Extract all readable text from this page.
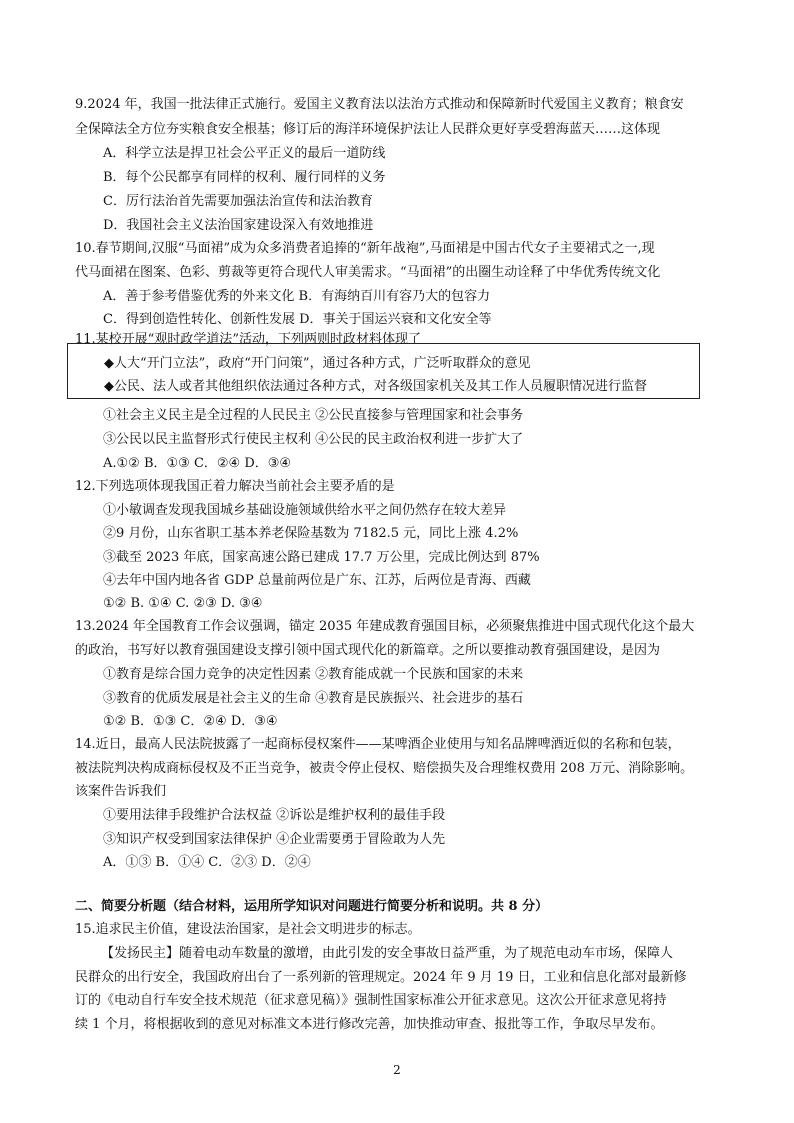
9.2024 年，我国一批法律正式施行。爱国主义教育法以法治方式推动和保障新时代爱国主义教育；粮食安
全保障法全方位夯实粮食安全根基；修订后的海洋环境保护法让人民群众更好享受碧海蓝天……这体现
A．科学立法是捍卫社会公平正义的最后一道防线
B．每个公民都享有同样的权利、履行同样的义务
C．厉行法治首先需要加强法治宣传和法治教育
D．我国社会主义法治国家建设深入有效地推进
10.春节期间,汉服“马面裙”成为众多消费者追捧的“新年战袍”,马面裙是中国古代女子主要裙式之一,现
代马面裙在图案、色彩、剪裁等更符合现代人审美需求。“马面裙”的出圈生动诠释了中华优秀传统文化
A．善于参考借鉴优秀的外来文化 B．有海纳百川有容乃大的包容力
C．得到创造性转化、创新性发展 D．事关于国运兴衰和文化安全等
11.某校开展“观时政学道法”活动，下列两则时政材料体现了
◆人大“开门立法”，政府“开门问策”，通过各种方式，广泛听取群众的意见
◆公民、法人或者其他组织依法通过各种方式，对各级国家机关及其工作人员履职情况进行监督
①社会主义民主是全过程的人民民主 ②公民直接参与管理国家和社会事务
③公民以民主监督形式行使民主权利 ④公民的民主政治权利进一步扩大了
A.①② B．①③ C．②④ D．③④
12.下列选项体现我国正着力解决当前社会主要矛盾的是
①小敏调查发现我国城乡基础设施领域供给水平之间仍然存在较大差异
②9 月份，山东省职工基本养老保险基数为 7182.5 元，同比上涨 4.2%
③截至 2023 年底，国家高速公路已建成 17.7 万公里，完成比例达到 87%
④去年中国内地各省 GDP 总量前两位是广东、江苏，后两位是青海、西藏
①② B. ①④ C. ②③ D. ③④
13.2024 年全国教育工作会议强调，锚定 2035 年建成教育强国目标，必须聚焦推进中国式现代化这个最大
的政治，书写好以教育强国建设支撑引领中国式现代化的新篇章。之所以要推动教育强国建设，是因为
①教育是综合国力竞争的决定性因素 ②教育能成就一个民族和国家的未来
③教育的优质发展是社会主义的生命 ④教育是民族振兴、社会进步的基石
①② B．①③ C．②④ D．③④
14.近日，最高人民法院披露了一起商标侵权案件——某啤酒企业使用与知名品牌啤酒近似的名称和包装，
被法院判决构成商标侵权及不正当竞争，被责令停止侵权、赔偿损失及合理维权费用 208 万元、消除影响。
该案件告诉我们
①要用法律手段维护合法权益 ②诉讼是维护权利的最佳手段
③知识产权受到国家法律保护 ④企业需要勇于冒险敢为人先
A．①③ B．①④ C．②③ D．②④
二、简要分析题（结合材料，运用所学知识对问题进行简要分析和说明。共 8 分）
15.追求民主价值，建设法治国家，是社会文明进步的标志。
【发扬民主】随着电动车数量的激增，由此引发的安全事故日益严重，为了规范电动车市场，保障人
民群众的出行安全，我国政府出台了一系列新的管理规定。2024 年 9 月 19 日，工业和信息化部对最新修
订的《电动自行车安全技术规范（征求意见稿）》强制性国家标准公开征求意见。这次公开征求意见将持
续 1 个月，将根据收到的意见对标准文本进行修改完善，加快推动审查、报批等工作，争取尽早发布。
2
